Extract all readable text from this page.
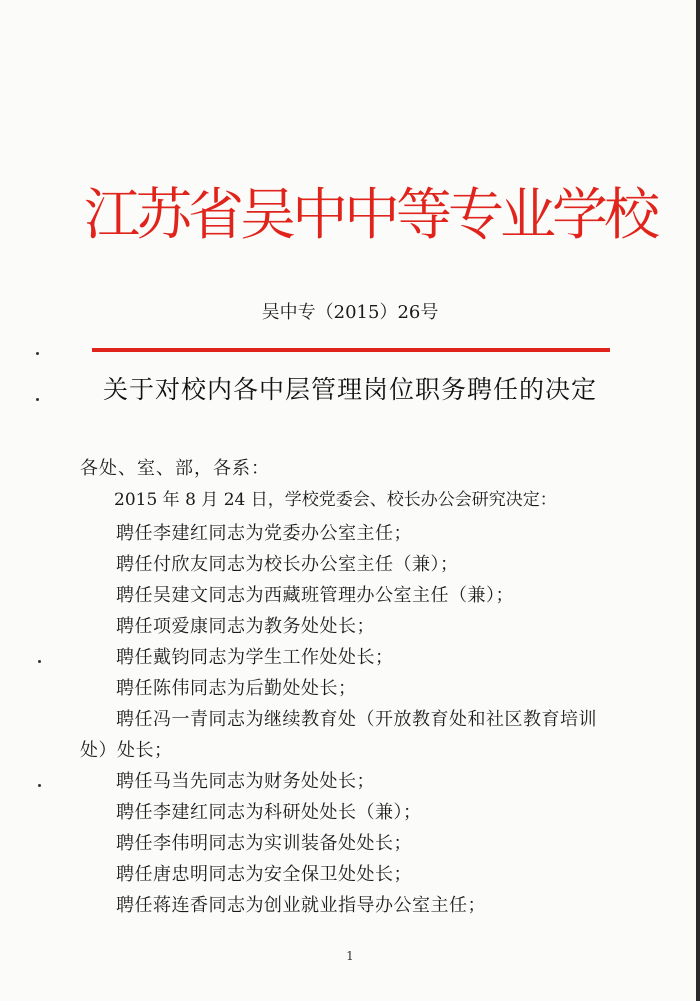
江苏省吴中中等专业学校
吴中专（2015）26号
关于对校内各中层管理岗位职务聘任的决定
各处、室、部，各系：
2015 年 8 月 24 日，学校党委会、校长办公会研究决定：
聘任李建红同志为党委办公室主任；
聘任付欣友同志为校长办公室主任（兼）；
聘任吴建文同志为西藏班管理办公室主任（兼）；
聘任项爱康同志为教务处处长；
聘任戴钧同志为学生工作处处长；
聘任陈伟同志为后勤处处长；
聘任冯一青同志为继续教育处（开放教育处和社区教育培训处）处长；
聘任马当先同志为财务处处长；
聘任李建红同志为科研处处长（兼）；
聘任李伟明同志为实训装备处处长；
聘任唐忠明同志为安全保卫处处长；
聘任蒋连香同志为创业就业指导办公室主任；
1
